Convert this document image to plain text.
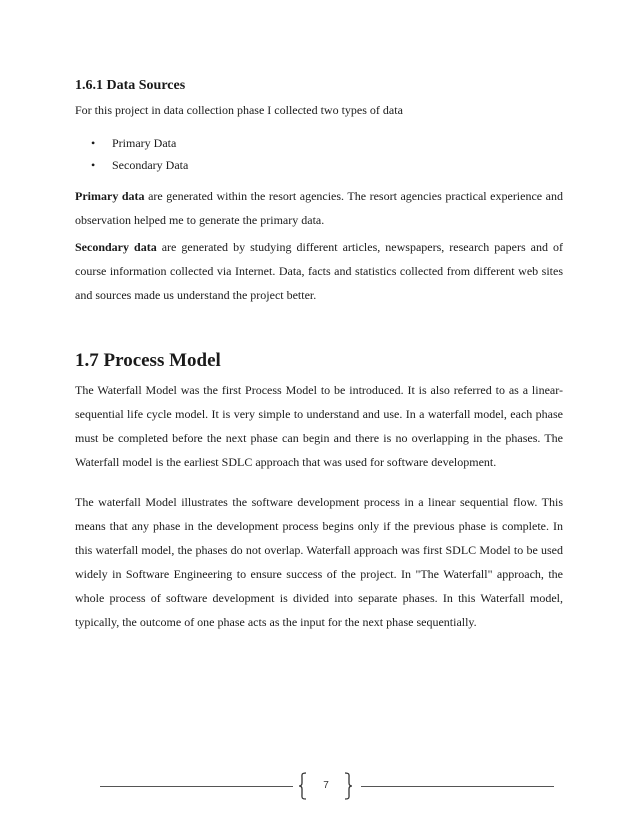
1.6.1 Data Sources

For this project in data collection phase I collected two types of data

• Primary Data
• Secondary Data

Primary data are generated within the resort agencies. The resort agencies practical experience and observation helped me to generate the primary data.

Secondary data are generated by studying different articles, newspapers, research papers and of course information collected via Internet. Data, facts and statistics collected from different web sites and sources made us understand the project better.

1.7 Process Model

The Waterfall Model was the first Process Model to be introduced. It is also referred to as a linear-sequential life cycle model. It is very simple to understand and use. In a waterfall model, each phase must be completed before the next phase can begin and there is no overlapping in the phases. The Waterfall model is the earliest SDLC approach that was used for software development.

The waterfall Model illustrates the software development process in a linear sequential flow. This means that any phase in the development process begins only if the previous phase is complete. In this waterfall model, the phases do not overlap. Waterfall approach was first SDLC Model to be used widely in Software Engineering to ensure success of the project. In "The Waterfall" approach, the whole process of software development is divided into separate phases. In this Waterfall model, typically, the outcome of one phase acts as the input for the next phase sequentially.

7
